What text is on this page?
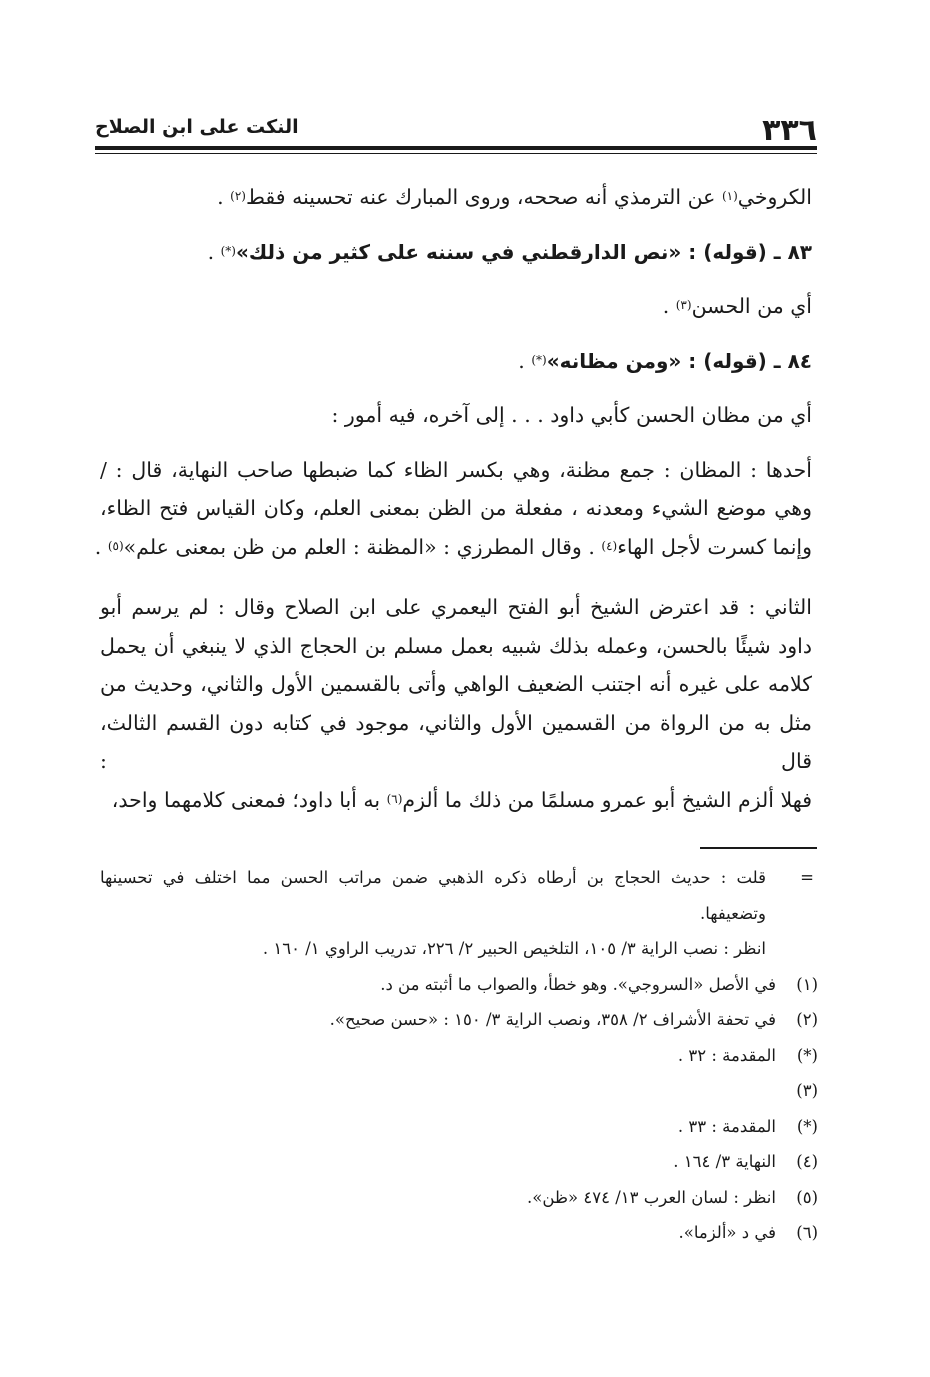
٣٣٦
النكت على ابن الصلاح
الكروخي$^{(١)}$ عن الترمذي أنه صححه، وروى المبارك عنه تحسينه فقط$^{(٢)}$ .
٨٣ ـ (قوله) : «نص الدارقطني في سننه على كثير من ذلك»(*) .
أي من الحسن$^{(٣)}$ .
٨٤ ـ (قوله) : «ومن مظانه»(*) .
أي من مظان الحسن كأبي داود . . . إلى آخره، فيه أمور :
أحدها : المظان : جمع مظنة، وهي بكسر الظاء كما ضبطها صاحب النهاية، قال : /
وهي موضع الشيء ومعدنه ، مفعلة من الظن بمعنى العلم، وكان القياس فتح الظاء،
وإنما كسرت لأجل الهاء$^{(٤)}$ . وقال المطرزي : «المظنة : العلم من ظن بمعنى علم»$^{(٥)}$ .
الثاني : قد اعترض الشيخ أبو الفتح اليعمري على ابن الصلاح وقال : لم يرسم أبو
داود شيئًا بالحسن، وعمله بذلك شبيه بعمل مسلم بن الحجاج الذي لا ينبغي أن يحمل
كلامه على غيره أنه اجتنب الضعيف الواهي وأتى بالقسمين الأول والثاني، وحديث من
مثل به من الرواة من القسمين الأول والثاني، موجود في كتابه دون القسم الثالث، قال :
فهلا ألزم الشيخ أبو عمرو مسلمًا من ذلك ما ألزم$^{(٦)}$ به أبا داود؛ فمعنى كلامهما واحد،
=
قلت : حديث الحجاج بن أرطاه ذكره الذهبي ضمن مراتب الحسن مما اختلف في تحسينها
وتضعيفها.
انظر : نصب الراية ٣/ ١٠٥، التلخيص الحبير ٢/ ٢٢٦، تدريب الراوي ١/ ١٦٠ .
(١)في الأصل «السروجي». وهو خطأ، والصواب ما أثبته من د.
(٢)في تحفة الأشراف ٢/ ٣٥٨، ونصب الراية ٣/ ١٥٠ : «حسن صحيح».
(*)المقدمة : ٣٢ .
(٣)
(*)المقدمة : ٣٣ .
(٤)النهاية ٣/ ١٦٤ .
(٥)انظر : لسان العرب ١٣/ ٤٧٤ «ظن».
(٦)في د «ألزما».
